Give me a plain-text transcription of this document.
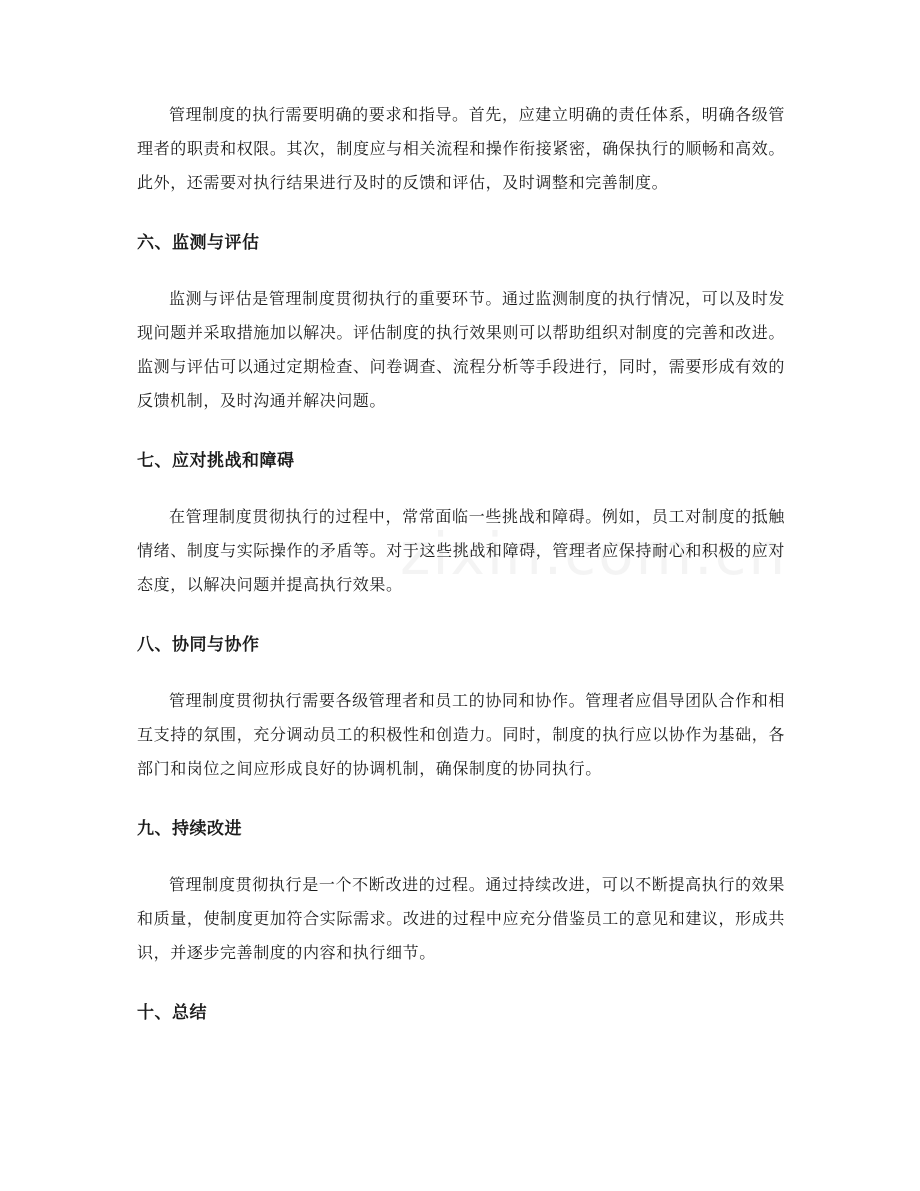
管理制度的执行需要明确的要求和指导。首先，应建立明确的责任体系，明确各级管理者的职责和权限。其次，制度应与相关流程和操作衔接紧密，确保执行的顺畅和高效。此外，还需要对执行结果进行及时的反馈和评估，及时调整和完善制度。

六、监测与评估

监测与评估是管理制度贯彻执行的重要环节。通过监测制度的执行情况，可以及时发现问题并采取措施加以解决。评估制度的执行效果则可以帮助组织对制度的完善和改进。监测与评估可以通过定期检查、问卷调查、流程分析等手段进行，同时，需要形成有效的反馈机制，及时沟通并解决问题。

七、应对挑战和障碍

在管理制度贯彻执行的过程中，常常面临一些挑战和障碍。例如，员工对制度的抵触情绪、制度与实际操作的矛盾等。对于这些挑战和障碍，管理者应保持耐心和积极的应对态度，以解决问题并提高执行效果。

八、协同与协作

管理制度贯彻执行需要各级管理者和员工的协同和协作。管理者应倡导团队合作和相互支持的氛围，充分调动员工的积极性和创造力。同时，制度的执行应以协作为基础，各部门和岗位之间应形成良好的协调机制，确保制度的协同执行。

九、持续改进

管理制度贯彻执行是一个不断改进的过程。通过持续改进，可以不断提高执行的效果和质量，使制度更加符合实际需求。改进的过程中应充分借鉴员工的意见和建议，形成共识，并逐步完善制度的内容和执行细节。

十、总结
